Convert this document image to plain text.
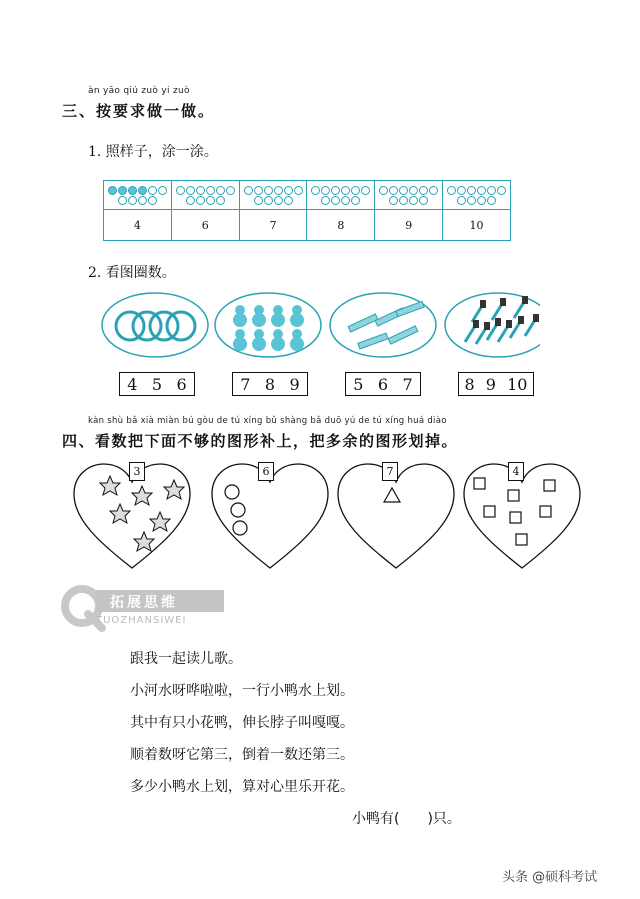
àn yāo qiú zuò yi zuò
三、按要求做一做。
1. 照样子，涂一涂。
4	6	7	8	9	10
2. 看图圈数。
4 5 6	7 8 9	5 6 7	8 9 10
kàn shù bǎ xià miàn bú gòu de tú xíng bǔ shàng bǎ duō yú de tú xíng huá diào
四、看数把下面不够的图形补上，把多余的图形划掉。
3	6	7	4
拓展思维
TUOZHANSIWEI
跟我一起读儿歌。
小河水呀哗啦啦，一行小鸭水上划。
其中有只小花鸭，伸长脖子叫嘎嘎。
顺着数呀它第三，倒着一数还第三。
多少小鸭水上划，算对心里乐开花。
小鸭有(　　)只。
头条 @硕科考试
